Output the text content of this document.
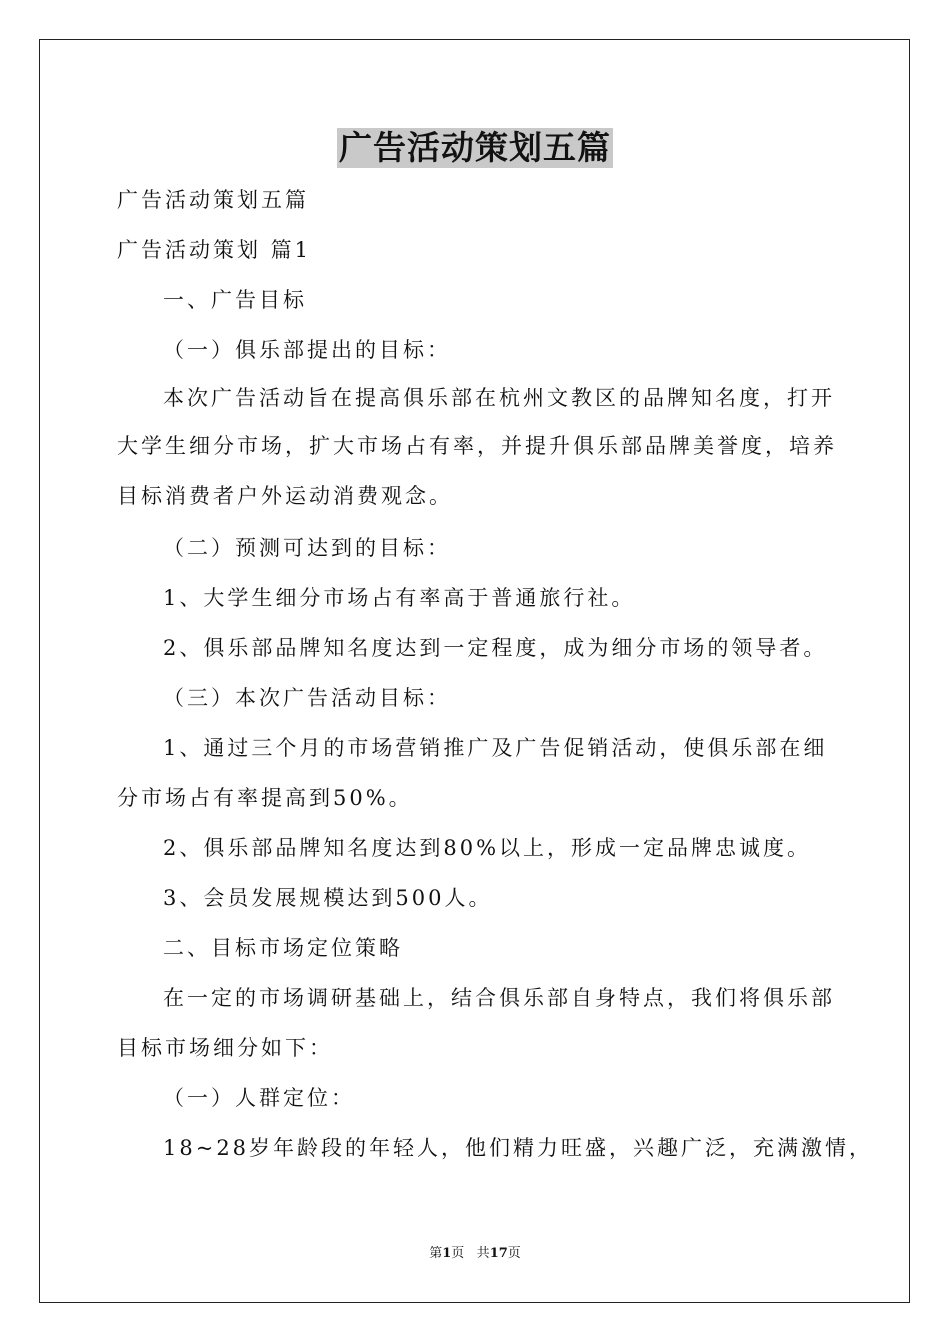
广告活动策划五篇
广告活动策划五篇
广告活动策划 篇1
一、广告目标
（一）俱乐部提出的目标：
本次广告活动旨在提高俱乐部在杭州文教区的品牌知名度，打开
大学生细分市场，扩大市场占有率，并提升俱乐部品牌美誉度，培养
目标消费者户外运动消费观念。
（二）预测可达到的目标：
1、大学生细分市场占有率高于普通旅行社。
2、俱乐部品牌知名度达到一定程度，成为细分市场的领导者。
（三）本次广告活动目标：
1、通过三个月的市场营销推广及广告促销活动，使俱乐部在细
分市场占有率提高到50%。
2、俱乐部品牌知名度达到80%以上，形成一定品牌忠诚度。
3、会员发展规模达到500人。
二、目标市场定位策略
在一定的市场调研基础上，结合俱乐部自身特点，我们将俱乐部
目标市场细分如下：
（一）人群定位：
18~28岁年龄段的年轻人，他们精力旺盛，兴趣广泛，充满激情，
第1页 共17页
